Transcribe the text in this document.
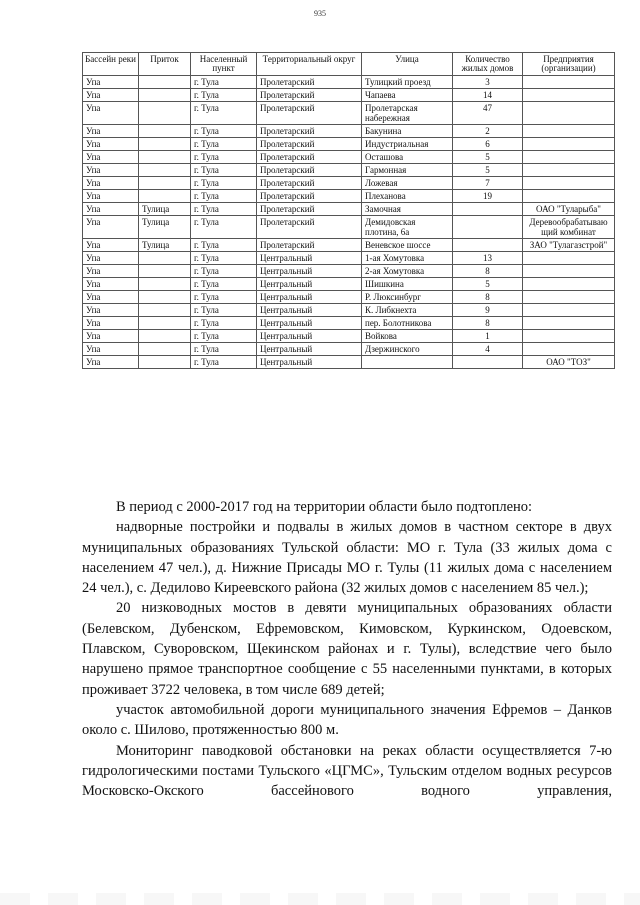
935
Бассейн реки	Приток	Населенный пункт	Территориальный округ	Улица	Количество жилых домов	Предприятия (организации)
Упа		г. Тула	Пролетарский	Тулицкий проезд	3	
Упа		г. Тула	Пролетарский	Чапаева	14	
Упа		г. Тула	Пролетарский	Пролетарская набережная	47	
Упа		г. Тула	Пролетарский	Бакунина	2	
Упа		г. Тула	Пролетарский	Индустриальная	6	
Упа		г. Тула	Пролетарский	Осташова	5	
Упа		г. Тула	Пролетарский	Гармонная	5	
Упа		г. Тула	Пролетарский	Ложевая	7	
Упа		г. Тула	Пролетарский	Плеханова	19	
Упа	Тулица	г. Тула	Пролетарский	Замочная		ОАО "Туларыба"
Упа	Тулица	г. Тула	Пролетарский	Демидовская плотина, 6а		Деревообрабатывающий комбинат
Упа	Тулица	г. Тула	Пролетарский	Веневское шоссе		ЗАО "Тулагазстрой"
Упа		г. Тула	Центральный	1-ая Хомутовка	13	
Упа		г. Тула	Центральный	2-ая Хомутовка	8	
Упа		г. Тула	Центральный	Шишкина	5	
Упа		г. Тула	Центральный	Р. Люксинбург	8	
Упа		г. Тула	Центральный	К. Либкнехта	9	
Упа		г. Тула	Центральный	пер. Болотникова	8	
Упа		г. Тула	Центральный	Войкова	1	
Упа		г. Тула	Центральный	Дзержинского	4	
Упа		г. Тула	Центральный			ОАО "ТОЗ"

В период с 2000-2017 год на территории области было подтоплено:

надворные постройки и подвалы в жилых домов в частном секторе в двух муниципальных образованиях Тульской области: МО г. Тула (33 жилых дома с населением 47 чел.), д. Нижние Присады МО г. Тулы (11 жилых дома с населением 24 чел.), с. Дедилово Киреевского района (32 жилых домов с населением 85 чел.);

20 низководных мостов в девяти муниципальных образованиях области (Белевском, Дубенском, Ефремовском, Кимовском, Куркинском, Одоевском, Плавском, Суворовском, Щекинском районах и г. Тулы), вследствие чего было нарушено прямое транспортное сообщение с 55 населенными пунктами, в которых проживает 3722 человека, в том числе 689 детей;

участок автомобильной дороги муниципального значения Ефремов – Данков около с. Шилово, протяженностью 800 м.

Мониторинг паводковой обстановки на реках области осуществляется 7-ю гидрологическими постами Тульского «ЦГМС», Тульским отделом водных ресурсов Московско-Окского бассейнового водного управления,
